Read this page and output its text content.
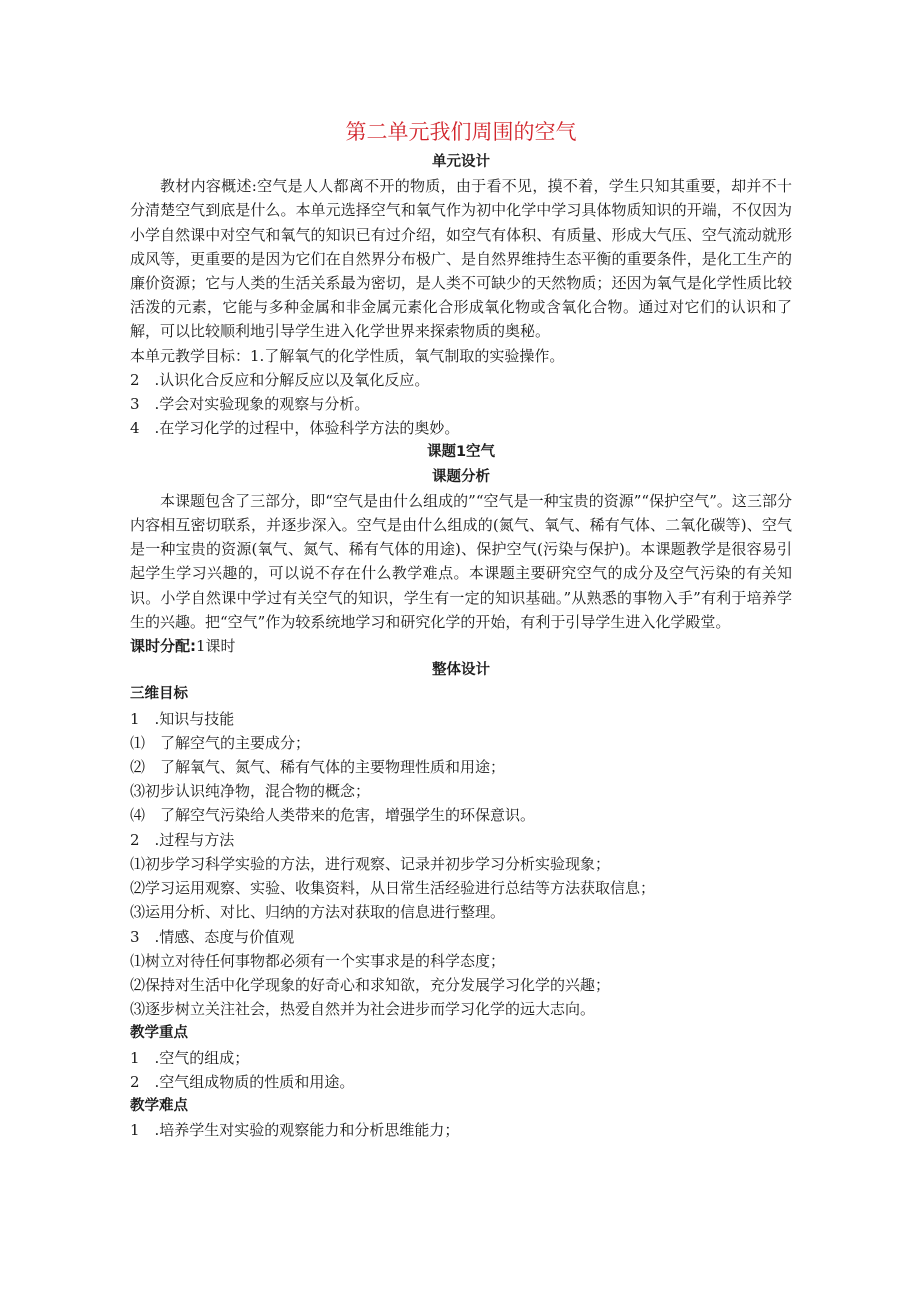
第二单元我们周围的空气

单元设计

教材内容概述:空气是人人都离不开的物质，由于看不见，摸不着，学生只知其重要，却并不十分清楚空气到底是什么。本单元选择空气和氧气作为初中化学中学习具体物质知识的开端，不仅因为小学自然课中对空气和氧气的知识已有过介绍，如空气有体积、有质量、形成大气压、空气流动就形成风等，更重要的是因为它们在自然界分布极广、是自然界维持生态平衡的重要条件，是化工生产的廉价资源；它与人类的生活关系最为密切，是人类不可缺少的天然物质；还因为氧气是化学性质比较活泼的元素，它能与多种金属和非金属元素化合形成氧化物或含氧化合物。通过对它们的认识和了解，可以比较顺利地引导学生进入化学世界来探索物质的奥秘。

本单元教学目标：1.了解氧气的化学性质，氧气制取的实验操作。

2　.认识化合反应和分解反应以及氧化反应。

3　.学会对实验现象的观察与分析。

4　.在学习化学的过程中，体验科学方法的奥妙。

课题1空气

课题分析

本课题包含了三部分，即“空气是由什么组成的”“空气是一种宝贵的资源”“保护空气”。这三部分内容相互密切联系，并逐步深入。空气是由什么组成的(氮气、氧气、稀有气体、二氧化碳等)、空气是一种宝贵的资源(氧气、氮气、稀有气体的用途)、保护空气(污染与保护)。本课题教学是很容易引起学生学习兴趣的，可以说不存在什么教学难点。本课题主要研究空气的成分及空气污染的有关知识。小学自然课中学过有关空气的知识，学生有一定的知识基础。”从熟悉的事物入手”有利于培养学生的兴趣。把“空气”作为较系统地学习和研究化学的开始，有利于引导学生进入化学殿堂。

课时分配:1课时

整体设计

三维目标

1　.知识与技能

⑴　了解空气的主要成分；

⑵　了解氧气、氮气、稀有气体的主要物理性质和用途；

⑶初步认识纯净物，混合物的概念；

⑷　了解空气污染给人类带来的危害，增强学生的环保意识。

2　.过程与方法

⑴初步学习科学实验的方法，进行观察、记录并初步学习分析实验现象；

⑵学习运用观察、实验、收集资料，从日常生活经验进行总结等方法获取信息；

⑶运用分析、对比、归纳的方法对获取的信息进行整理。

3　.情感、态度与价值观

⑴树立对待任何事物都必须有一个实事求是的科学态度；

⑵保持对生活中化学现象的好奇心和求知欲，充分发展学习化学的兴趣；

⑶逐步树立关注社会，热爱自然并为社会进步而学习化学的远大志向。

教学重点

1　.空气的组成；

2　.空气组成物质的性质和用途。

教学难点

1　.培养学生对实验的观察能力和分析思维能力；
